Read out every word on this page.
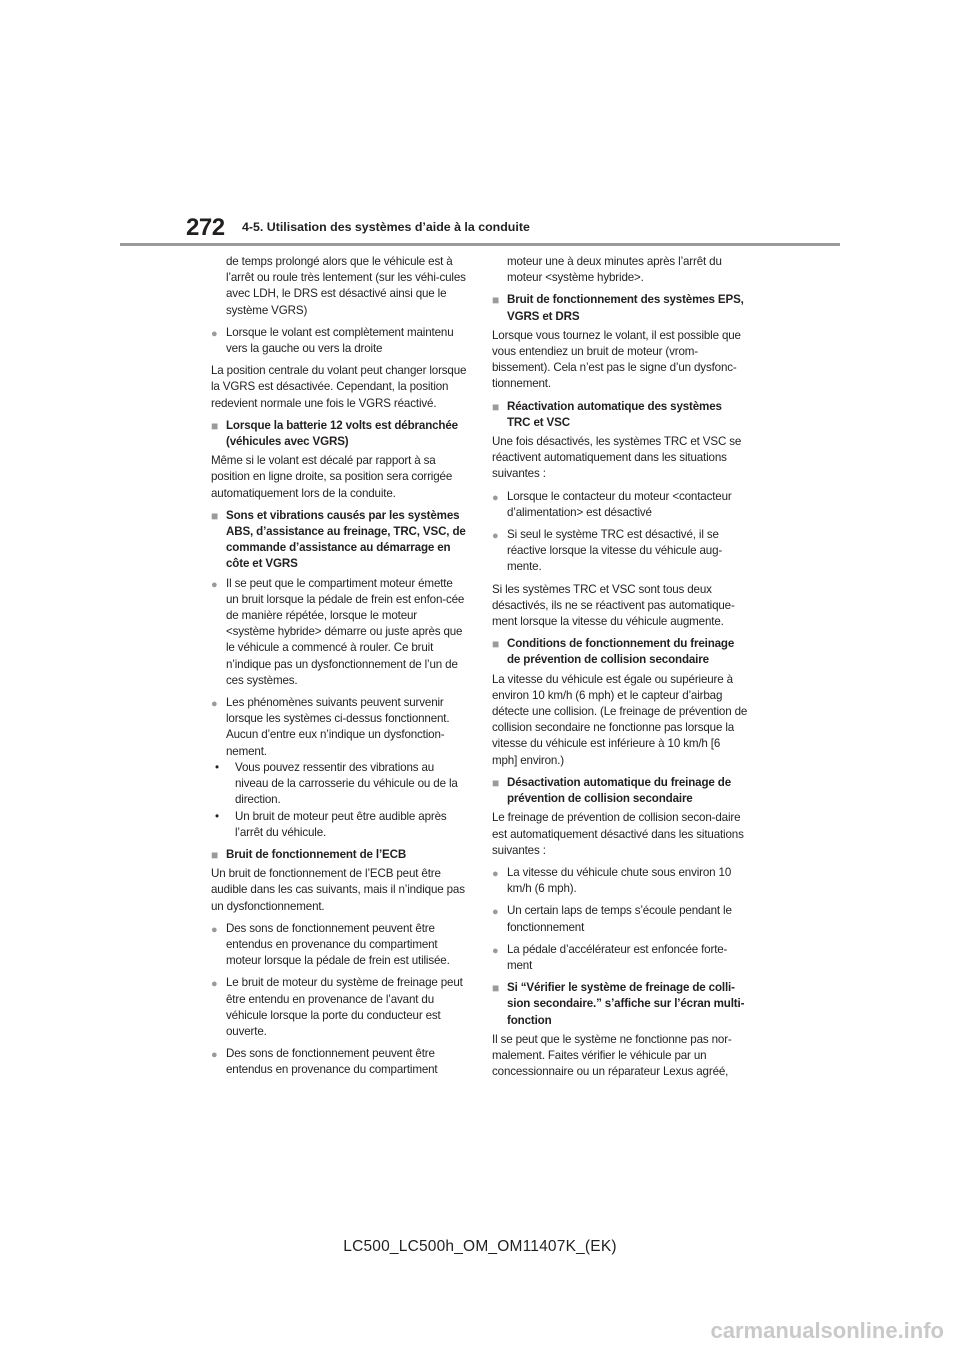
272 4-5. Utilisation des systèmes d’aide à la conduite

de temps prolongé alors que le véhicule est à l’arrêt ou roule très lentement (sur les véhi-cules avec LDH, le DRS est désactivé ainsi que le système VGRS)

● Lorsque le volant est complètement maintenu vers la gauche ou vers la droite

La position centrale du volant peut changer lorsque la VGRS est désactivée. Cependant, la position redevient normale une fois le VGRS réactivé.

■ Lorsque la batterie 12 volts est débranchée (véhicules avec VGRS)

Même si le volant est décalé par rapport à sa position en ligne droite, sa position sera corrigée automatiquement lors de la conduite.

■ Sons et vibrations causés par les systèmes ABS, d’assistance au freinage, TRC, VSC, de commande d’assistance au démarrage en côte et VGRS
● Il se peut que le compartiment moteur émette un bruit lorsque la pédale de frein est enfon-cée de manière répétée, lorsque le moteur <système hybride> démarre ou juste après que le véhicule a commencé à rouler. Ce bruit n’indique pas un dysfonctionnement de l’un de ces systèmes.
● Les phénomènes suivants peuvent survenir lorsque les systèmes ci-dessus fonctionnent. Aucun d’entre eux n’indique un dysfonction-nement.
• Vous pouvez ressentir des vibrations au niveau de la carrosserie du véhicule ou de la direction.
• Un bruit de moteur peut être audible après l’arrêt du véhicule.
■ Bruit de fonctionnement de l’ECB

Un bruit de fonctionnement de l’ECB peut être audible dans les cas suivants, mais il n’indique pas un dysfonctionnement.

● Des sons de fonctionnement peuvent être entendus en provenance du compartiment moteur lorsque la pédale de frein est utilisée.
● Le bruit de moteur du système de freinage peut être entendu en provenance de l’avant du véhicule lorsque la porte du conducteur est ouverte.
● Des sons de fonctionnement peuvent être entendus en provenance du compartiment

moteur une à deux minutes après l’arrêt du moteur <système hybride>.

■ Bruit de fonctionnement des systèmes EPS, VGRS et DRS

Lorsque vous tournez le volant, il est possible que vous entendiez un bruit de moteur (vrom-bissement). Cela n’est pas le signe d’un dysfonc-tionnement.

■ Réactivation automatique des systèmes TRC et VSC

Une fois désactivés, les systèmes TRC et VSC se réactivent automatiquement dans les situations suivantes :

● Lorsque le contacteur du moteur <contacteur d’alimentation> est désactivé
● Si seul le système TRC est désactivé, il se réactive lorsque la vitesse du véhicule aug-mente.

Si les systèmes TRC et VSC sont tous deux désactivés, ils ne se réactivent pas automatique-ment lorsque la vitesse du véhicule augmente.

■ Conditions de fonctionnement du freinage de prévention de collision secondaire

La vitesse du véhicule est égale ou supérieure à environ 10 km/h (6 mph) et le capteur d’airbag détecte une collision. (Le freinage de prévention de collision secondaire ne fonctionne pas lorsque la vitesse du véhicule est inférieure à 10 km/h [6 mph] environ.)

■ Désactivation automatique du freinage de prévention de collision secondaire

Le freinage de prévention de collision secon-daire est automatiquement désactivé dans les situations suivantes :

● La vitesse du véhicule chute sous environ 10 km/h (6 mph).
● Un certain laps de temps s’écoule pendant le fonctionnement
● La pédale d’accélérateur est enfoncée forte-ment
■ Si “Vérifier le système de freinage de colli-sion secondaire.” s’affiche sur l’écran multi-fonction

Il se peut que le système ne fonctionne pas nor-malement. Faites vérifier le véhicule par un concessionnaire ou un réparateur Lexus agréé,

LC500_LC500h_OM_OM11407K_(EK)
carmanualsonline.info
